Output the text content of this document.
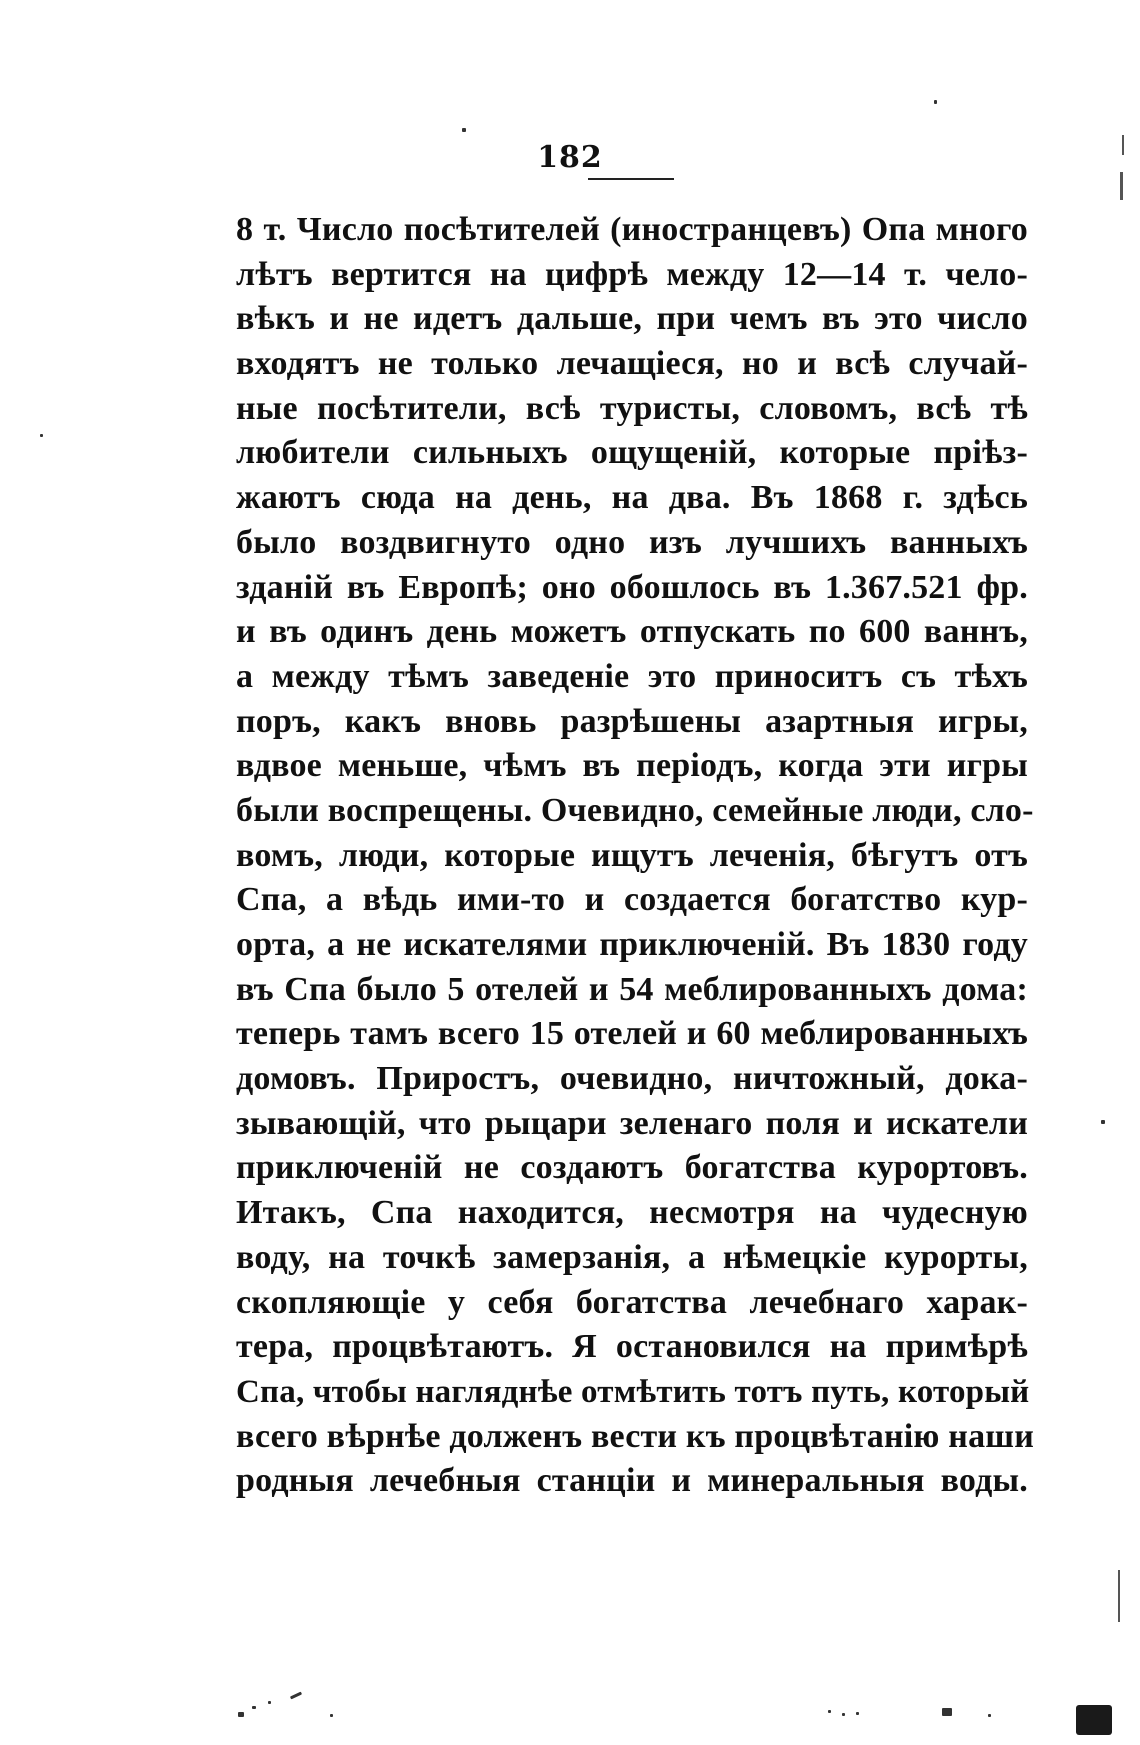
182
8 т. Число посѣтителей (иностранцевъ) Опа много
лѣтъ вертится на цифрѣ между 12—14 т. чело-
вѣкъ и не идетъ дальше, при чемъ въ это число
входятъ не только лечащіеся, но и всѣ случай-
ные посѣтители, всѣ туристы, словомъ, всѣ тѣ
любители сильныхъ ощущеній, которые пріѣз-
жаютъ сюда на день, на два. Въ 1868 г. здѣсь
было воздвигнуто одно изъ лучшихъ ванныхъ
зданій въ Европѣ; оно обошлось въ 1.367.521 фр.
и въ одинъ день можетъ отпускать по 600 ваннъ,
а между тѣмъ заведеніе это приноситъ съ тѣхъ
поръ, какъ вновь разрѣшены азартныя игры,
вдвое меньше, чѣмъ въ періодъ, когда эти игры
были воспрещены. Очевидно, семейные люди, сло-
вомъ, люди, которые ищутъ леченія, бѣгутъ отъ
Спа, а вѣдь ими-то и создается богатство кур-
орта, а не искателями приключеній. Въ 1830 году
въ Спа было 5 отелей и 54 меблированныхъ дома:
теперь тамъ всего 15 отелей и 60 меблированныхъ
домовъ. Приростъ, очевидно, ничтожный, дока-
зывающій, что рыцари зеленаго поля и искатели
приключеній не создаютъ богатства курортовъ.
Итакъ, Спа находится, несмотря на чудесную
воду, на точкѣ замерзанія, а нѣмецкіе курорты,
скопляющіе у себя богатства лечебнаго харак-
тера, процвѣтаютъ. Я остановился на примѣрѣ
Спа, чтобы нагляднѣе отмѣтить тотъ путь, который
всего вѣрнѣе долженъ вести къ процвѣтанію наши
родныя лечебныя станціи и минеральныя воды.
